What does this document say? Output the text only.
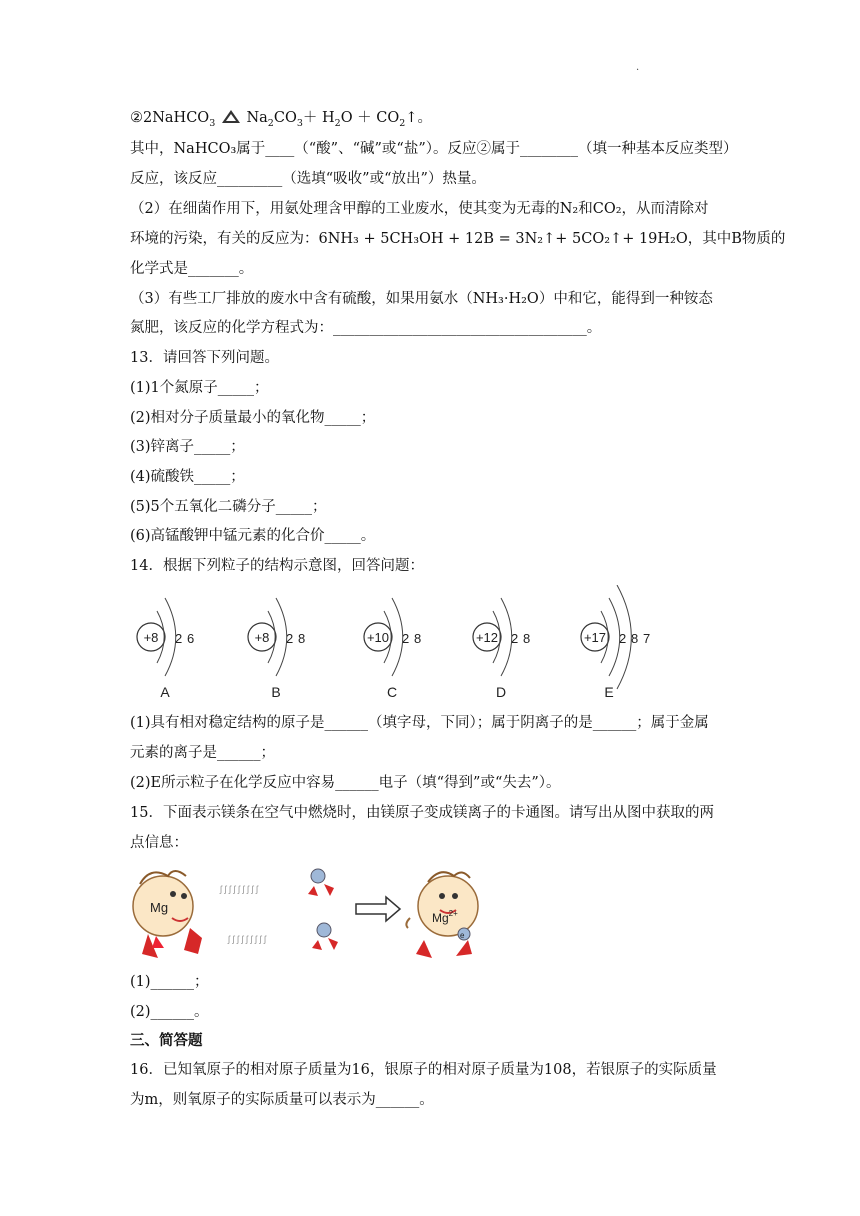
.
②2NaHCO$_3$ $Na_2CO_3+ H_2O$ ＋ $CO_2↑$。
其中，NaHCO₃属于____（“酸”、“碱”或“盐”）。反应②属于________（填一种基本反应类型）
反应，该反应_________（选填“吸收”或“放出”）热量。
（2）在细菌作用下，用氨处理含甲醇的工业废水，使其变为无毒的N₂和CO₂，从而清除对
环境的污染，有关的反应为：6NH₃ + 5CH₃OH + 12B = 3N₂↑+ 5CO₂↑+ 19H₂O，其中B物质的
化学式是_______。
（3）有些工厂排放的废水中含有硫酸，如果用氨水（NH₃·H₂O）中和它，能得到一种铵态
氮肥，该反应的化学方程式为：___________________________________。
13．请回答下列问题。
(1)1个氮原子_____；
(2)相对分子质量最小的氧化物_____；
(3)锌离子_____；
(4)硫酸铁_____；
(5)5个五氧化二磷分子_____；
(6)高锰酸钾中锰元素的化合价_____。
14．根据下列粒子的结构示意图，回答问题：
+8 2 6
A
+8 2 8
B
+10 2 8
C
+12 2 8
D
+17 2 8 7
E
(1)具有相对稳定结构的原子是______（填字母，下同）；属于阴离子的是______；属于金属
元素的离子是______；
(2)E所示粒子在化学反应中容易______电子（填“得到”或“失去”）。
15．下面表示镁条在空气中燃烧时，由镁原子变成镁离子的卡通图。请写出从图中获取的两
点信息：
Mg
ʃ ʃ ʃ ʃ ʃ ʃ ʃ ʃ ʃ
ʃ ʃ ʃ ʃ ʃ ʃ ʃ ʃ ʃ
$Mg^{2+}$
e
(1)______；
(2)______。
三、简答题
16．已知氧原子的相对原子质量为16，银原子的相对原子质量为108，若银原子的实际质量
为m，则氧原子的实际质量可以表示为______。
